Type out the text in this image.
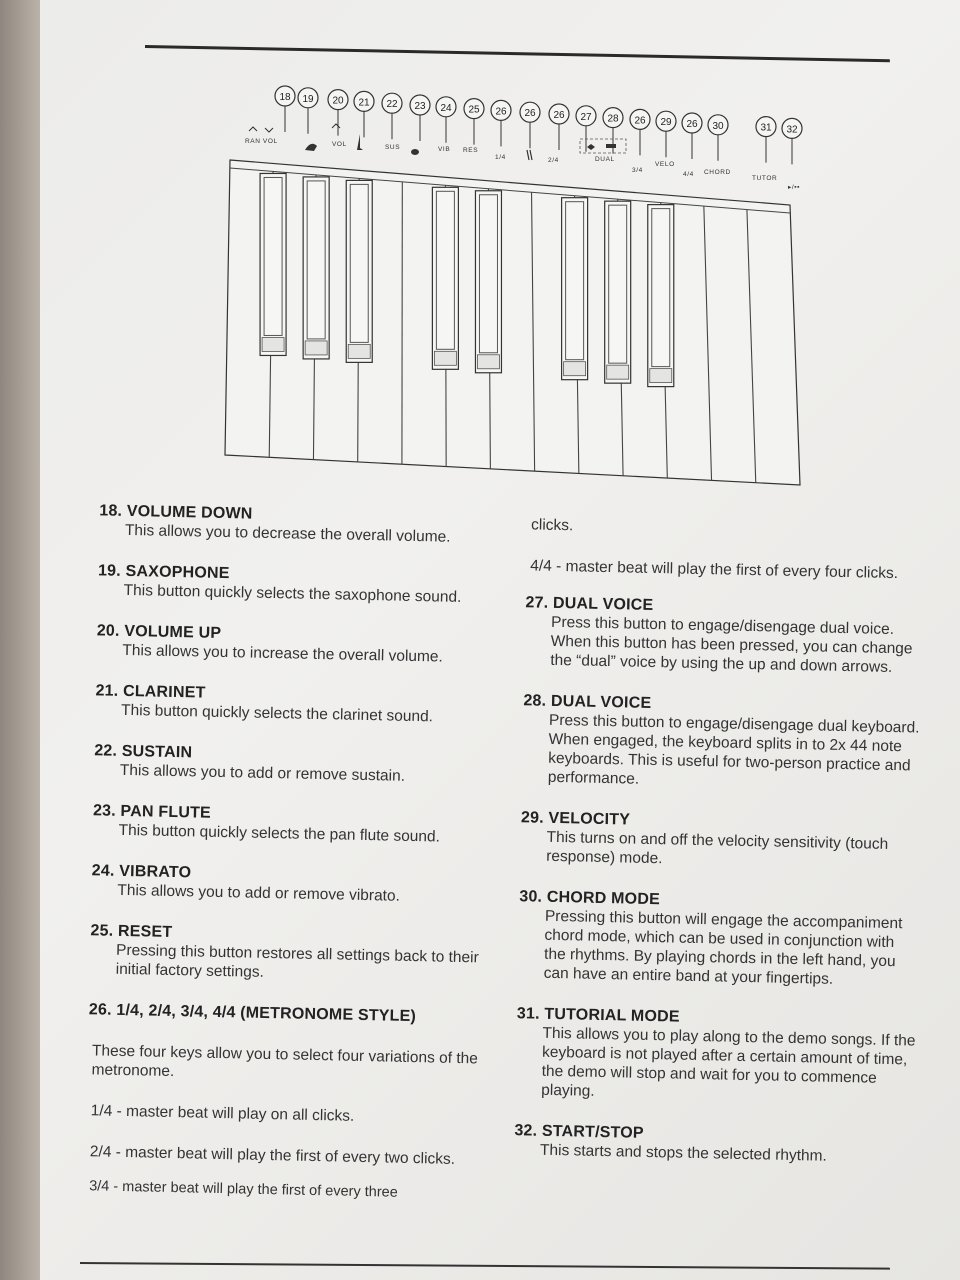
18 19 20 21 22 23 24 25 26 26 26 27 28 26 29 26 30	31 32
RAN VOL	VOL	SUS	VIB RES
1/4	2/4	DUAL
3/4
VELO
4/4 CHORD
TUTOR
▸/▪▪
18. VOLUME DOWN
This allows you to decrease the overall volume.
19. SAXOPHONE
This button quickly selects the saxophone sound.
20. VOLUME UP
This allows you to increase the overall volume.
21. CLARINET
This button quickly selects the clarinet sound.
22. SUSTAIN
This allows you to add or remove sustain.
23. PAN FLUTE
This button quickly selects the pan flute sound.
24. VIBRATO
This allows you to add or remove vibrato.
25. RESET
Pressing this button restores all settings back to their initial factory settings.
26. 1/4, 2/4, 3/4, 4/4 (METRONOME STYLE)
These four keys allow you to select four variations of the metronome.
1/4 - master beat will play on all clicks.
2/4 - master beat will play the first of every two clicks.
3/4 - master beat will play the first of every three
clicks.
4/4 - master beat will play the first of every four clicks.
27. DUAL VOICE
Press this button to engage/disengage dual voice. When this button has been pressed, you can change the “dual” voice by using the up and down arrows.
28. DUAL VOICE
Press this button to engage/disengage dual keyboard. When engaged, the keyboard splits in to 2x 44 note keyboards. This is useful for two-person practice and performance.
29. VELOCITY
This turns on and off the velocity sensitivity (touch response) mode.
30. CHORD MODE
Pressing this button will engage the accompaniment chord mode, which can be used in conjunction with the rhythms. By playing chords in the left hand, you can have an entire band at your fingertips.
31. TUTORIAL MODE
This allows you to play along to the demo songs. If the keyboard is not played after a certain amount of time, the demo will stop and wait for you to commence playing.
32. START/STOP
This starts and stops the selected rhythm.
